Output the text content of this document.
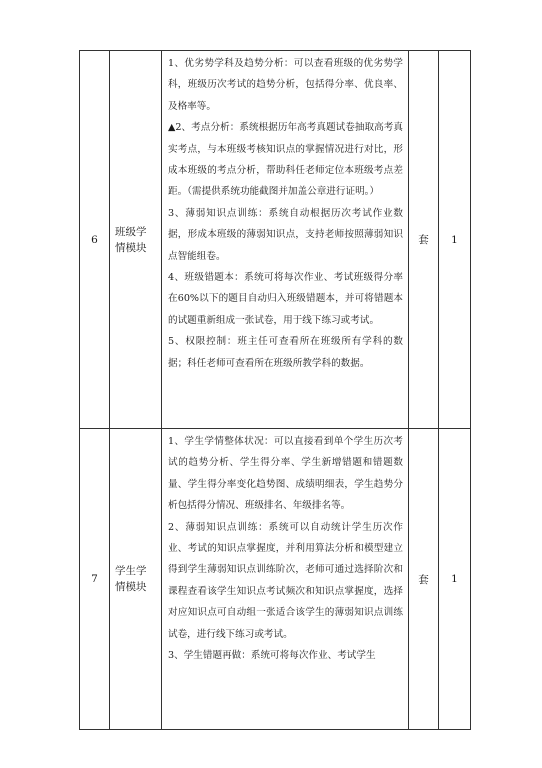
6	班级学情模块	1、优劣势学科及趋势分析：可以查看班级的优劣势学科，班级历次考试的趋势分析，包括得分率、优良率、及格率等。

▲2、考点分析：系统根据历年高考真题试卷抽取高考真实考点，与本班级考核知识点的掌握情况进行对比，形成本班级的考点分析，帮助科任老师定位本班级考点差距。（需提供系统功能截图并加盖公章进行证明。）

3、薄弱知识点训练：系统自动根据历次考试作业数据，形成本班级的薄弱知识点，支持老师按照薄弱知识点智能组卷。

4、班级错题本：系统可将每次作业、考试班级得分率在60%以下的题目自动归入班级错题本，并可将错题本的试题重新组成一张试卷，用于线下练习或考试。

5、权限控制：班主任可查看所在班级所有学科的数据；科任老师可查看所在班级所教学科的数据。	套	1
7	学生学情模块	1、学生学情整体状况：可以直接看到单个学生历次考试的趋势分析、学生得分率、学生新增错题和错题数量、学生得分率变化趋势图、成绩明细表，学生趋势分析包括得分情况、班级排名、年级排名等。

2、薄弱知识点训练：系统可以自动统计学生历次作业、考试的知识点掌握度，并利用算法分析和模型建立得到学生薄弱知识点训练阶次，老师可通过选择阶次和课程查看该学生知识点考试频次和知识点掌握度，选择对应知识点可自动组一张适合该学生的薄弱知识点训练试卷，进行线下练习或考试。

3、学生错题再做：系统可将每次作业、考试学生	套	1
